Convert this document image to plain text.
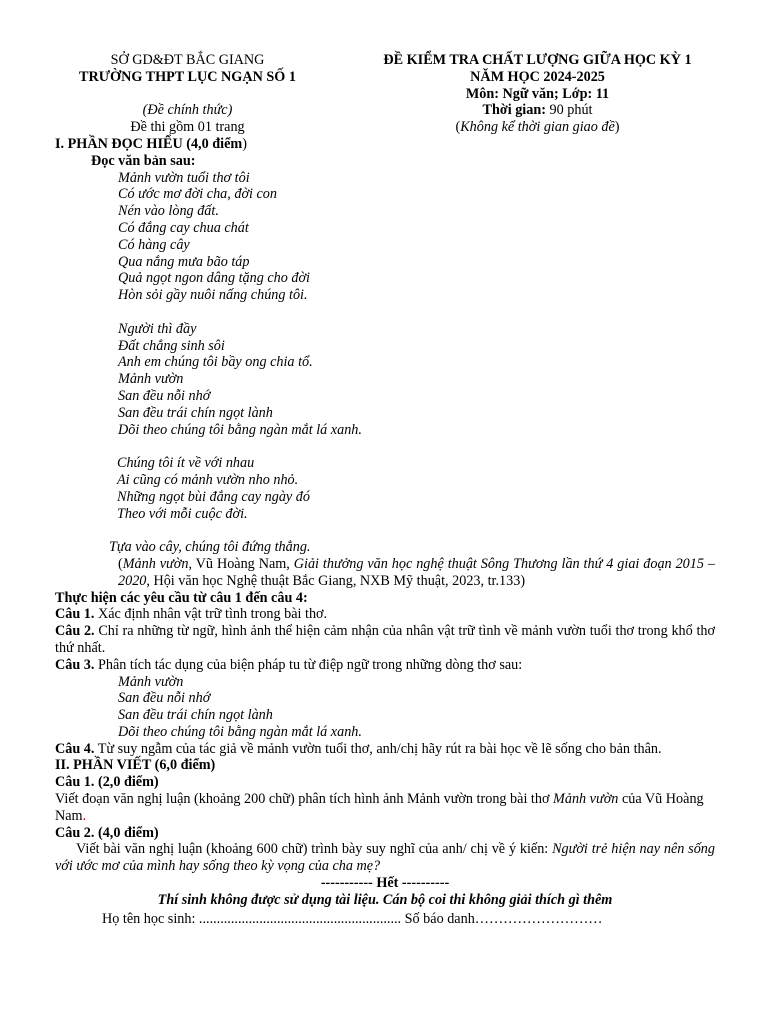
SỞ GD&ĐT BẮC GIANG
TRƯỜNG THPT LỤC NGẠN SỐ 1
(Đề chính thức)
Đề thi gồm 01 trang
ĐỀ KIỂM TRA CHẤT LƯỢNG GIỮA HỌC KỲ 1
NĂM HỌC 2024-2025
Môn: Ngữ văn; Lớp: 11
Thời gian: 90 phút
(Không kể thời gian giao đề)
I. PHẦN ĐỌC HIỂU (4,0 điểm)
Đọc văn bản sau:
Mảnh vườn tuổi thơ tôi
Có ước mơ đời cha, đời con
Nén vào lòng đất.
Có đắng cay chua chát
Có hàng cây
Qua nắng mưa bão táp
Quả ngọt ngon dâng tặng cho đời
Hòn sỏi gầy nuôi nấng chúng tôi.
Người thì đầy
Đất chẳng sinh sôi
Anh em chúng tôi bầy ong chia tổ.
Mảnh vườn
San đều nỗi nhớ
San đều trái chín ngọt lành
Dõi theo chúng tôi bằng ngàn mắt lá xanh.
Chúng tôi ít về với nhau
Ai cũng có mảnh vườn nho nhỏ.
Những ngọt bùi đắng cay ngày đó
Theo với mỗi cuộc đời.
Tựa vào cây, chúng tôi đứng thẳng.

(Mảnh vườn, Vũ Hoàng Nam, Giải thưởng văn học nghệ thuật Sông Thương lần thứ 4 giai đoạn 2015 – 2020, Hội văn học Nghệ thuật Bắc Giang, NXB Mỹ thuật, 2023, tr.133)

Thực hiện các yêu cầu từ câu 1 đến câu 4:

Câu 1. Xác định nhân vật trữ tình trong bài thơ.

Câu 2. Chỉ ra những từ ngữ, hình ảnh thể hiện cảm nhận của nhân vật trữ tình về mảnh vườn tuổi thơ trong khổ thơ thứ nhất.

Câu 3. Phân tích tác dụng của biện pháp tu từ điệp ngữ trong những dòng thơ sau:

Mảnh vườn
San đều nỗi nhớ
San đều trái chín ngọt lành
Dõi theo chúng tôi bằng ngàn mắt lá xanh.

Câu 4. Từ suy ngẫm của tác giả về mảnh vườn tuổi thơ, anh/chị hãy rút ra bài học về lẽ sống cho bản thân.

II. PHẦN VIẾT (6,0 điểm)
Câu 1. (2,0 điểm)

Viết đoạn văn nghị luận (khoảng 200 chữ) phân tích hình ảnh Mảnh vườn trong bài thơ Mảnh vườn của Vũ Hoàng Nam.

Câu 2. (4,0 điểm)

Viết bài văn nghị luận (khoảng 600 chữ) trình bày suy nghĩ của anh/ chị về ý kiến: Người trẻ hiện nay nên sống với ước mơ của mình hay sống theo kỳ vọng của cha mẹ?

----------- Hết ----------
Thí sinh không được sử dụng tài liệu. Cán bộ coi thi không giải thích gì thêm
Họ tên học sinh: ......................................................... Số báo danh………………………
